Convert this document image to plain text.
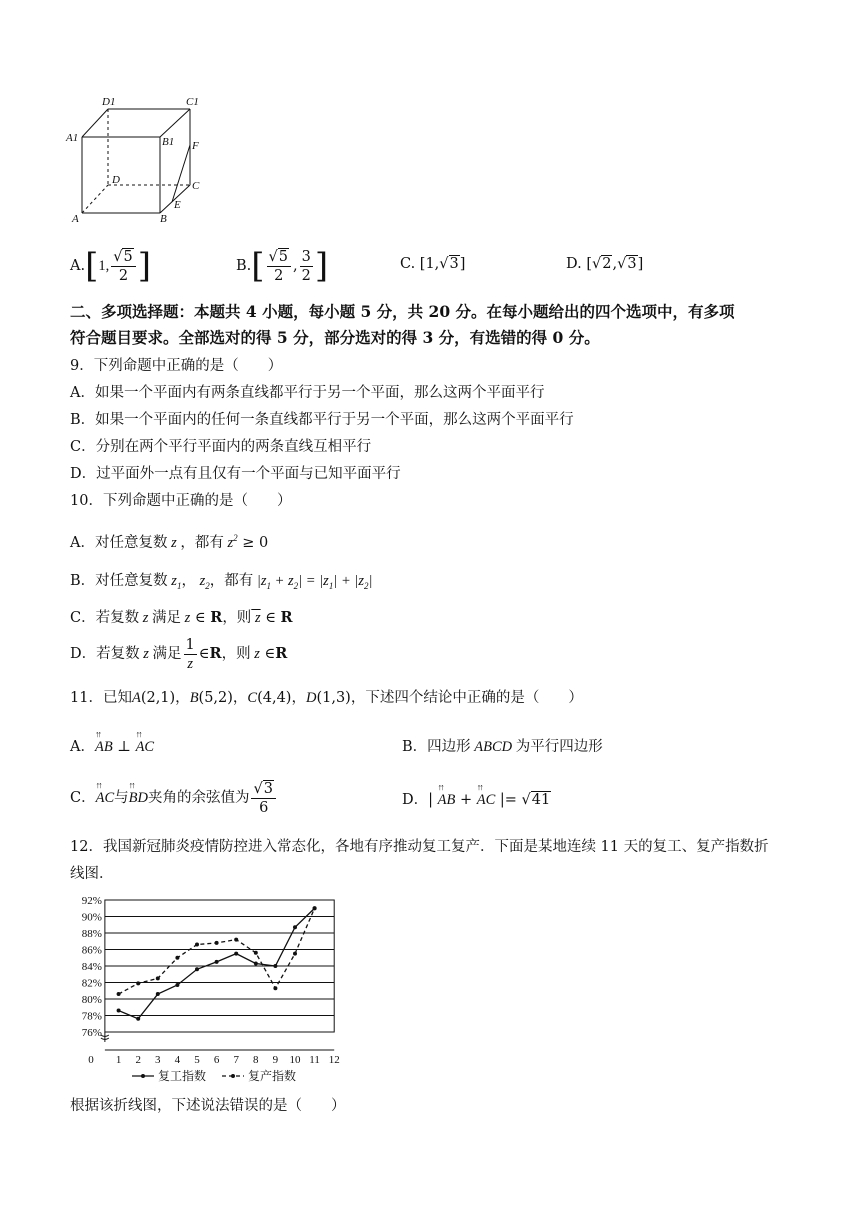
D1	C1
A1	B1 F
D	C
A
E
B
A. [ 1, $\frac{√5}{2}$ ]	B. [ $\frac{√5}{2}$ , $\frac{3}{2}$ ]	C. [1,√3]	D. [√2,√3]
二、多项选择题：本题共 4 小题，每小题 5 分，共 20 分。在每小题给出的四个选项中，有多项
符合题目要求。全部选对的得 5 分，部分选对的得 3 分，有选错的得 0 分。
9．下列命题中正确的是（　　）
A．如果一个平面内有两条直线都平行于另一个平面，那么这两个平面平行
B．如果一个平面内的任何一条直线都平行于另一个平面，那么这两个平面平行
C．分别在两个平行平面内的两条直线互相平行
D．过平面外一点有且仅有一个平面与已知平面平行
10．下列命题中正确的是（　　）
A．对任意复数 z ，都有 $z^2 \ge 0$
B．对任意复数 $z_1$， $z_2$，都有 $|z_1 + z_2| = |z_1| + |z_2|$
C．若复数 z 满足 z ∈ R，则 z ∈ R
D．若复数 z 满足 $\frac{1}{z}$ ∈ R ，则 z ∈ R
11．已知A(2,1)，B(5,2)，C(4,4)，D(1,3)，下述四个结论中正确的是（　　）
A．↑↑ AB ⊥ ↑↑ AC	B．四边形 ABCD 为平行四边形
C． ↑↑ AC 与 ↑↑ BD 夹角的余弦值为 $\frac{√3}{6}$	D．| ↑↑ AB + ↑↑ AC |= √41
12．我国新冠肺炎疫情防控进入常态化，各地有序推动复工复产．下面是某地连续 11 天的复工、复产指数折
线图．
76%
78%
80%
82%
84%
86%
88%
90%
92%
0 1 2 3 4 5 6 7 8 9 10 11 12
复工指数	复产指数
根据该折线图，下述说法错误的是（　　）
